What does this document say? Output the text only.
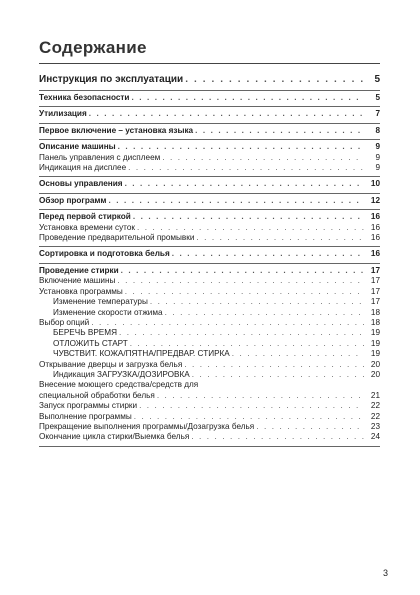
Содержание
Инструкция по эксплуатации . . .	5
Техника безопасности . . .	5
Утилизация . . .	7
Первое включение – установка языка . . .	8
Описание машины . . .	9
Панель управления с дисплеем . . .	9
Индикация на дисплее . . .	9
Основы управления . . .	10
Обзор программ . . .	12
Перед первой стиркой . . .	16
Установка времени суток . . .	16
Проведение предварительной промывки . . .	16
Сортировка и подготовка белья . . .	16
Проведение стирки . . .	17
Включение машины . . .	17
Установка программы . . .	17
Изменение температуры . . .	17
Изменение скорости отжима . . .	18
Выбор опций . . .	18
БЕРЕЧЬ ВРЕМЯ . . .	19
ОТЛОЖИТЬ СТАРТ . . .	19
ЧУВСТВИТ. КОЖА/ПЯТНА/ПРЕДВАР. СТИРКА . . .	19
Открывание дверцы и загрузка белья . . .	20
Индикация ЗАГРУЗКА/ДОЗИРОВКА . . .	20
Внесение моющего средства/средств для
специальной обработки белья . . .	21
Запуск программы стирки . . .	22
Выполнение программы . . .	22
Прекращение выполнения программы/Дозагрузка белья . . .	23
Окончание цикла стирки/Выемка белья . . .	24
3
